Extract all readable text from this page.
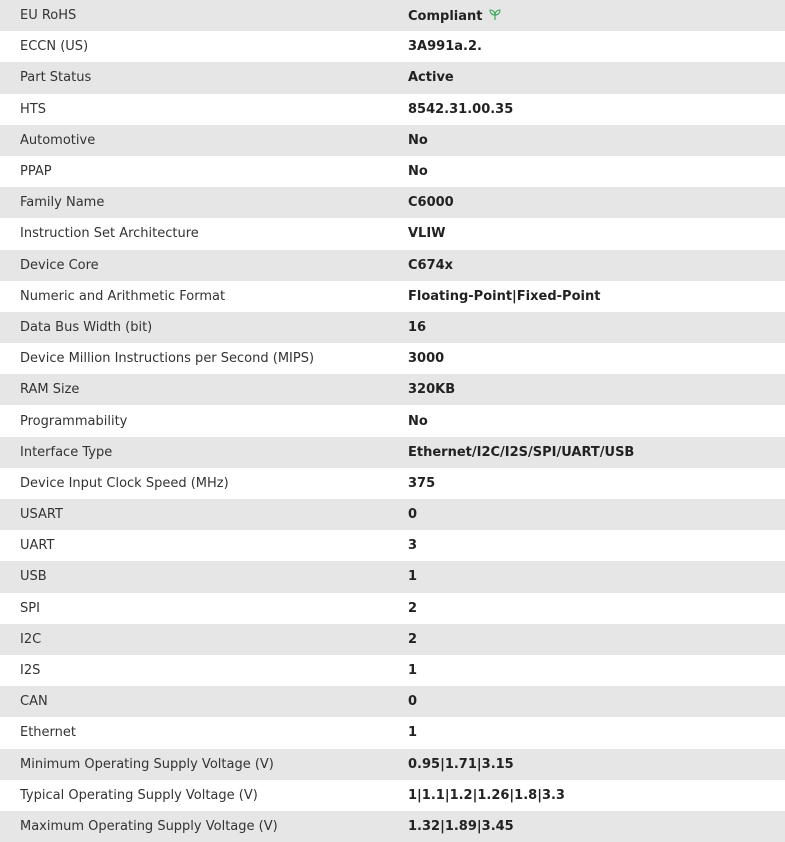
EU RoHS	Compliant
ECCN (US)	3A991a.2.
Part Status	Active
HTS	8542.31.00.35
Automotive	No
PPAP	No
Family Name	C6000
Instruction Set Architecture	VLIW
Device Core	C674x
Numeric and Arithmetic Format	Floating-Point|Fixed-Point
Data Bus Width (bit)	16
Device Million Instructions per Second (MIPS)	3000
RAM Size	320KB
Programmability	No
Interface Type	Ethernet/I2C/I2S/SPI/UART/USB
Device Input Clock Speed (MHz)	375
USART	0
UART	3
USB	1
SPI	2
I2C	2
I2S	1
CAN	0
Ethernet	1
Minimum Operating Supply Voltage (V)	0.95|1.71|3.15
Typical Operating Supply Voltage (V)	1|1.1|1.2|1.26|1.8|3.3
Maximum Operating Supply Voltage (V)	1.32|1.89|3.45
